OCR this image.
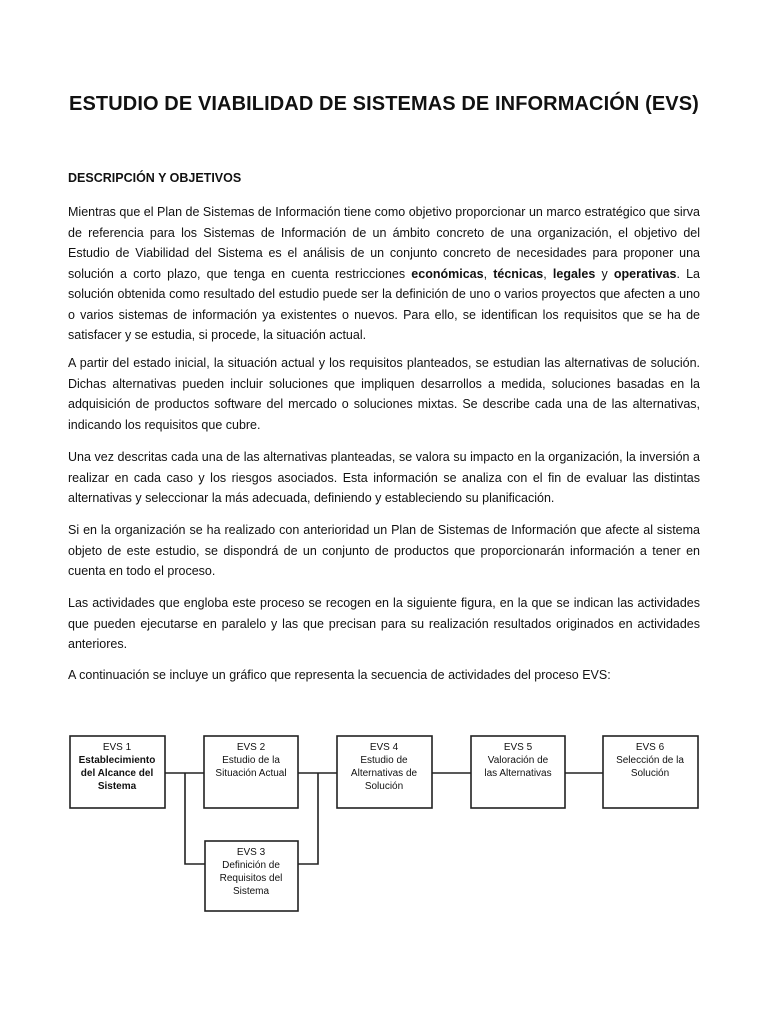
ESTUDIO DE VIABILIDAD DE SISTEMAS DE INFORMACIÓN (EVS)
DESCRIPCIÓN Y OBJETIVOS

Mientras que el Plan de Sistemas de Información tiene como objetivo proporcionar un marco estratégico que sirva de referencia para los Sistemas de Información de un ámbito concreto de una organización, el objetivo del Estudio de Viabilidad del Sistema es el análisis de un conjunto concreto de necesidades para proponer una solución a corto plazo, que tenga en cuenta restricciones económicas, técnicas, legales y operativas. La solución obtenida como resultado del estudio puede ser la definición de uno o varios proyectos que afecten a uno o varios sistemas de información ya existentes o nuevos. Para ello, se identifican los requisitos que se ha de satisfacer y se estudia, si procede, la situación actual.

A partir del estado inicial, la situación actual y los requisitos planteados, se estudian las alternativas de solución. Dichas alternativas pueden incluir soluciones que impliquen desarrollos a medida, soluciones basadas en la adquisición de productos software del mercado o soluciones mixtas. Se describe cada una de las alternativas, indicando los requisitos que cubre.

Una vez descritas cada una de las alternativas planteadas, se valora su impacto en la organización, la inversión a realizar en cada caso y los riesgos asociados. Esta información se analiza con el fin de evaluar las distintas alternativas y seleccionar la más adecuada, definiendo y estableciendo su planificación.

Si en la organización se ha realizado con anterioridad un Plan de Sistemas de Información que afecte al sistema objeto de este estudio, se dispondrá de un conjunto de productos que proporcionarán información a tener en cuenta en todo el proceso.

Las actividades que engloba este proceso se recogen en la siguiente figura, en la que se indican las actividades que pueden ejecutarse en paralelo y las que precisan para su realización resultados originados en actividades anteriores.

A continuación se incluye un gráfico que representa la secuencia de actividades del proceso EVS:

EVS 1
Establecimiento
del Alcance del
Sistema
EVS 2
Estudio de la
Situación Actual
EVS 4
Estudio de
Alternativas de
Solución
EVS 5
Valoración de
las Alternativas
EVS 6
Selección de la
Solución
EVS 3
Definición de
Requisitos del
Sistema
